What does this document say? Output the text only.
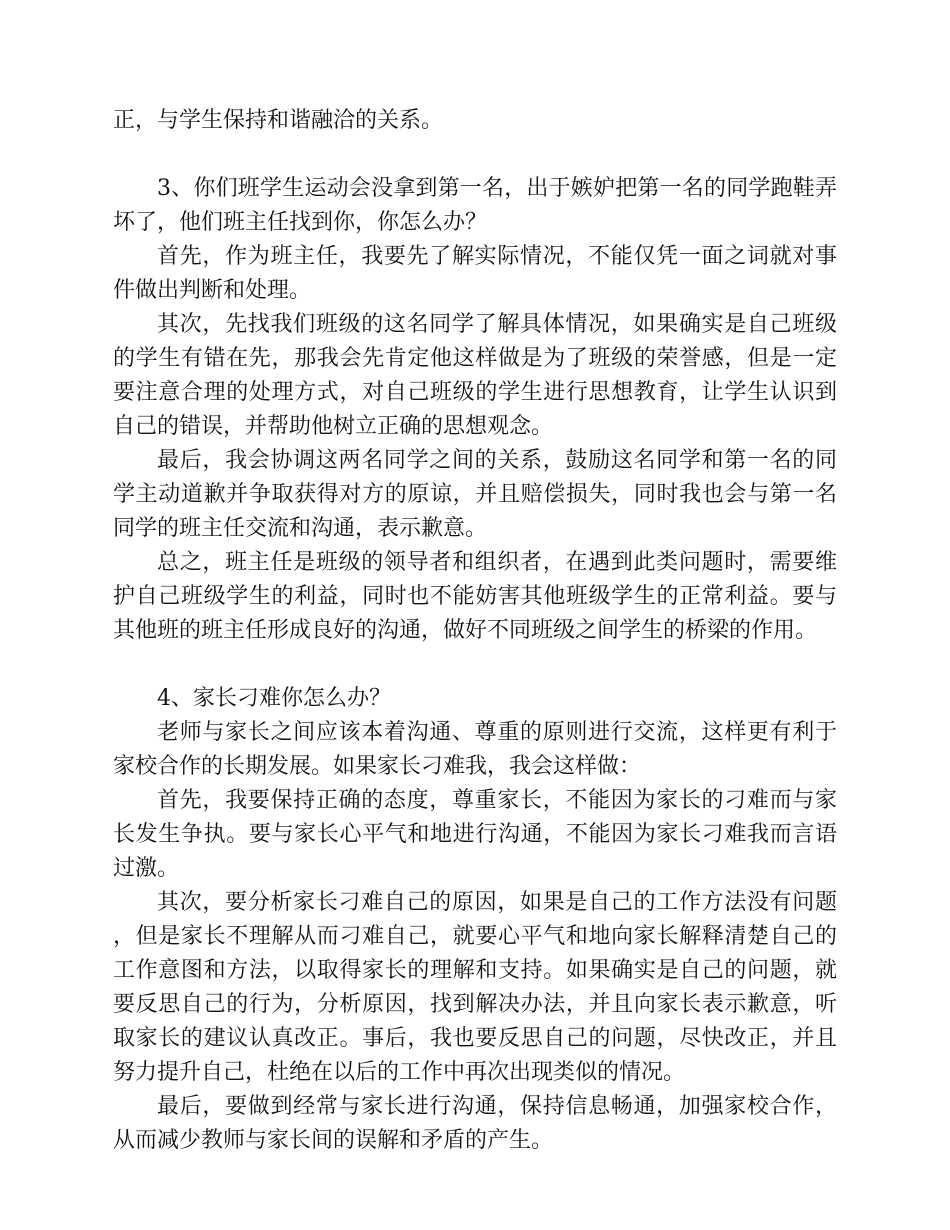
正，与学生保持和谐融洽的关系。

3、你们班学生运动会没拿到第一名，出于嫉妒把第一名的同学跑鞋弄坏了，他们班主任找到你，你怎么办？

首先，作为班主任，我要先了解实际情况，不能仅凭一面之词就对事件做出判断和处理。

其次，先找我们班级的这名同学了解具体情况，如果确实是自己班级的学生有错在先，那我会先肯定他这样做是为了班级的荣誉感，但是一定要注意合理的处理方式，对自己班级的学生进行思想教育，让学生认识到自己的错误，并帮助他树立正确的思想观念。

最后，我会协调这两名同学之间的关系，鼓励这名同学和第一名的同学主动道歉并争取获得对方的原谅，并且赔偿损失，同时我也会与第一名同学的班主任交流和沟通，表示歉意。

总之，班主任是班级的领导者和组织者，在遇到此类问题时，需要维护自己班级学生的利益，同时也不能妨害其他班级学生的正常利益。要与其他班的班主任形成良好的沟通，做好不同班级之间学生的桥梁的作用。

4、家长刁难你怎么办？

老师与家长之间应该本着沟通、尊重的原则进行交流，这样更有利于家校合作的长期发展。如果家长刁难我，我会这样做：

首先，我要保持正确的态度，尊重家长，不能因为家长的刁难而与家长发生争执。要与家长心平气和地进行沟通，不能因为家长刁难我而言语过激。

其次，要分析家长刁难自己的原因，如果是自己的工作方法没有问题，但是家长不理解从而刁难自己，就要心平气和地向家长解释清楚自己的工作意图和方法，以取得家长的理解和支持。如果确实是自己的问题，就要反思自己的行为，分析原因，找到解决办法，并且向家长表示歉意，听取家长的建议认真改正。事后，我也要反思自己的问题，尽快改正，并且努力提升自己，杜绝在以后的工作中再次出现类似的情况。

最后，要做到经常与家长进行沟通，保持信息畅通，加强家校合作，从而减少教师与家长间的误解和矛盾的产生。
